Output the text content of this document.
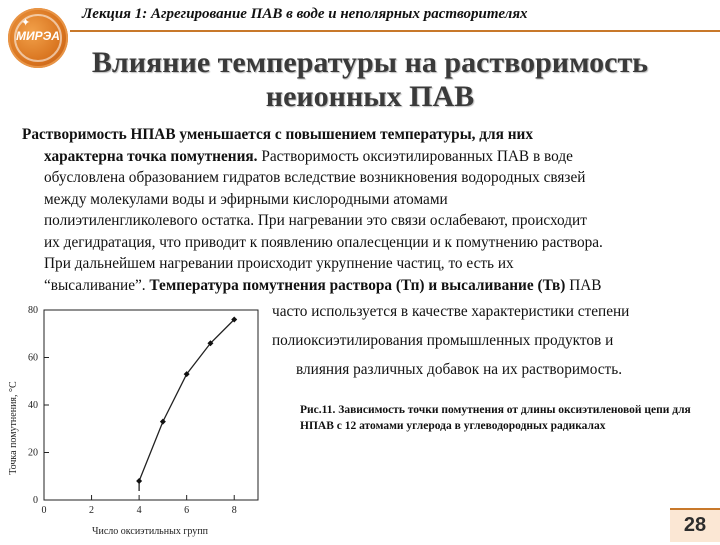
Лекция 1: Агрегирование ПАВ в воде и неполярных растворителях
✦
МИРЭА
Влияние температуры на растворимость
неионных ПАВ

Растворимость НПАВ уменьшается с повышением температуры, для них

характерна точка помутнения. Растворимость оксиэтилированных ПАВ в воде

обусловлена образованием гидратов вследствие возникновения водородных связей

между молекулами воды и эфирными кислородными атомами

полиэтиленгликолевого остатка. При нагревании это связи ослабевают, происходит

их дегидратация, что приводит к появлению опалесценции и к помутнению раствора.

При дальнейшем нагревании происходит укрупнение частиц, то есть их

“высаливание”. Температура помутнения раствора (Тп) и высаливание (Тв) ПАВ

часто используется в качестве характеристики степени
полиоксиэтилирования промышленных продуктов и
влияния различных добавок на их растворимость.
0	2	4	6	8
0
20
40
60
80
Точка помутнения, °С
Число оксиэтильных групп
Рис.11. Зависимость точки помутнения от длины оксиэтиленовой цепи для НПАВ с 12 атомами углерода в углеводородных радикалах
28
